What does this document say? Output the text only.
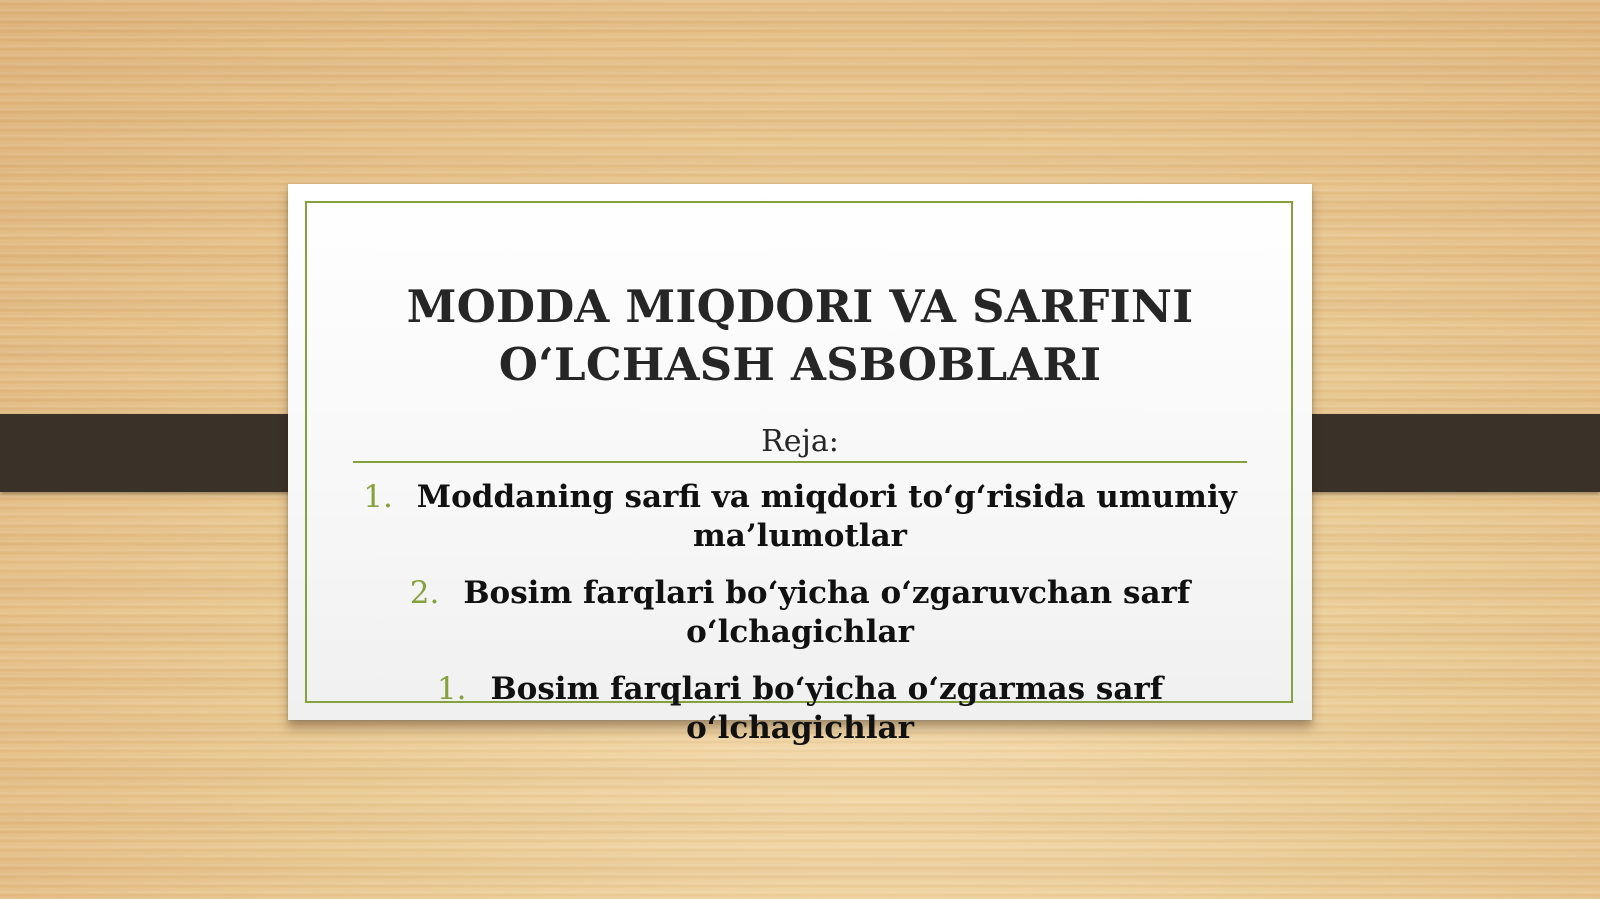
MODDA MIQDORI VA SARFINI
O‘LCHASH ASBOBLARI
Reja:
1. Moddaning sarfi va miqdori to‘g‘risida umumiy
ma’lumotlar
2. Bosim farqlari bo‘yicha o‘zgaruvchan sarf
o‘lchagichlar
1. Bosim farqlari bo‘yicha o‘zgarmas sarf
o‘lchagichlar
